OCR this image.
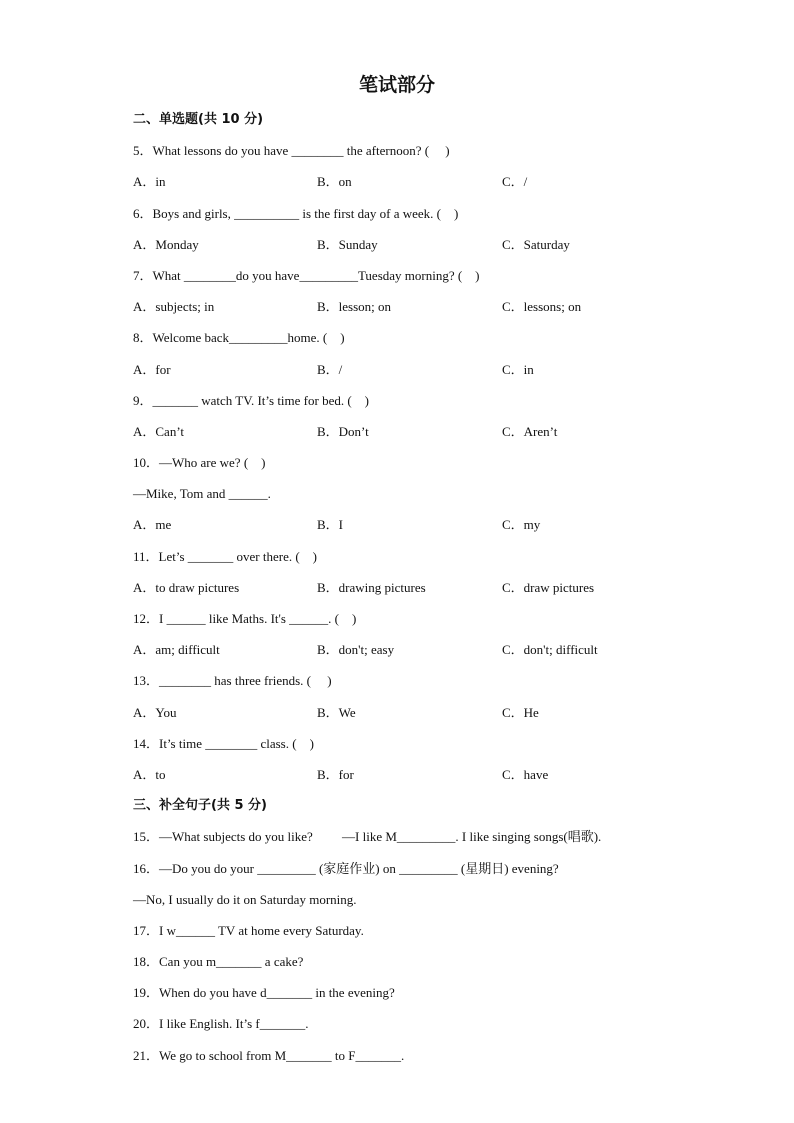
笔试部分
二、单选题(共 10 分)
5．What lessons do you have ________ the afternoon? (　 )
A．in	B．on	C．/
6．Boys and girls, __________ is the first day of a week. (　)
A．Monday	B．Sunday	C．Saturday
7．What ________do you have_________Tuesday morning? (　)
A．subjects; in	B．lesson; on	C．lessons; on
8．Welcome back_________home. (　)
A．for	B．/	C．in
9．_______ watch TV. It’s time for bed. (　)
A．Can’t	B．Don’t	C．Aren’t
10．—Who are we? (　)
—Mike, Tom and ______.
A．me	B．I	C．my
11．Let’s _______ over there. (　)
A．to draw pictures	B．drawing pictures	C．draw pictures
12．I ______ like Maths. It's ______. (　)
A．am; difficult	B．don't; easy	C．don't; difficult
13．________ has three friends. (　 )
A．You	B．We	C．He
14．It’s time ________ class. (　)
A．to	B．for	C．have
三、补全句子(共 5 分)
15．—What subjects do you like?　　 —I like M_________. I like singing songs(唱歌).
16．—Do you do your _________ (家庭作业) on _________ (星期日) evening?
—No, I usually do it on Saturday morning.
17．I w______ TV at home every Saturday.
18．Can you m_______ a cake?
19．When do you have d_______ in the evening?
20．I like English. It’s f_______.
21．We go to school from M_______ to F_______.
